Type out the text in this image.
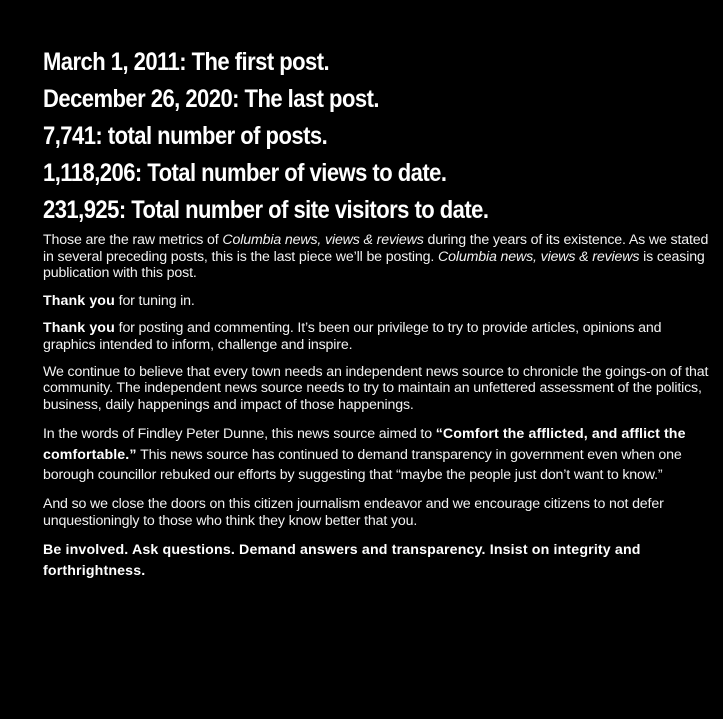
March 1, 2011: The first post.
December 26, 2020: The last post.
7,741: total number of posts.
1,118,206: Total number of views to date.
231,925: Total number of site visitors to date.

Those are the raw metrics of Columbia news, views & reviews during the years of its existence. As we stated in several preceding posts, this is the last piece we’ll be posting. Columbia news, views & reviews is ceasing publication with this post.

Thank you for tuning in.

Thank you for posting and commenting. It’s been our privilege to try to provide articles, opinions and graphics intended to inform, challenge and inspire.

We continue to believe that every town needs an independent news source to chronicle the goings-on of that community. The independent news source needs to try to maintain an unfettered assessment of the politics, business, daily happenings and impact of those happenings.

In the words of Findley Peter Dunne, this news source aimed to “Comfort the afflicted, and afflict the comfortable.” This news source has continued to demand transparency in government even when one borough councillor rebuked our efforts by suggesting that “maybe the people just don’t want to know.”

And so we close the doors on this citizen journalism endeavor and we encourage citizens to not defer unquestioningly to those who think they know better that you.

Be involved. Ask questions. Demand answers and transparency. Insist on integrity and forthrightness.
